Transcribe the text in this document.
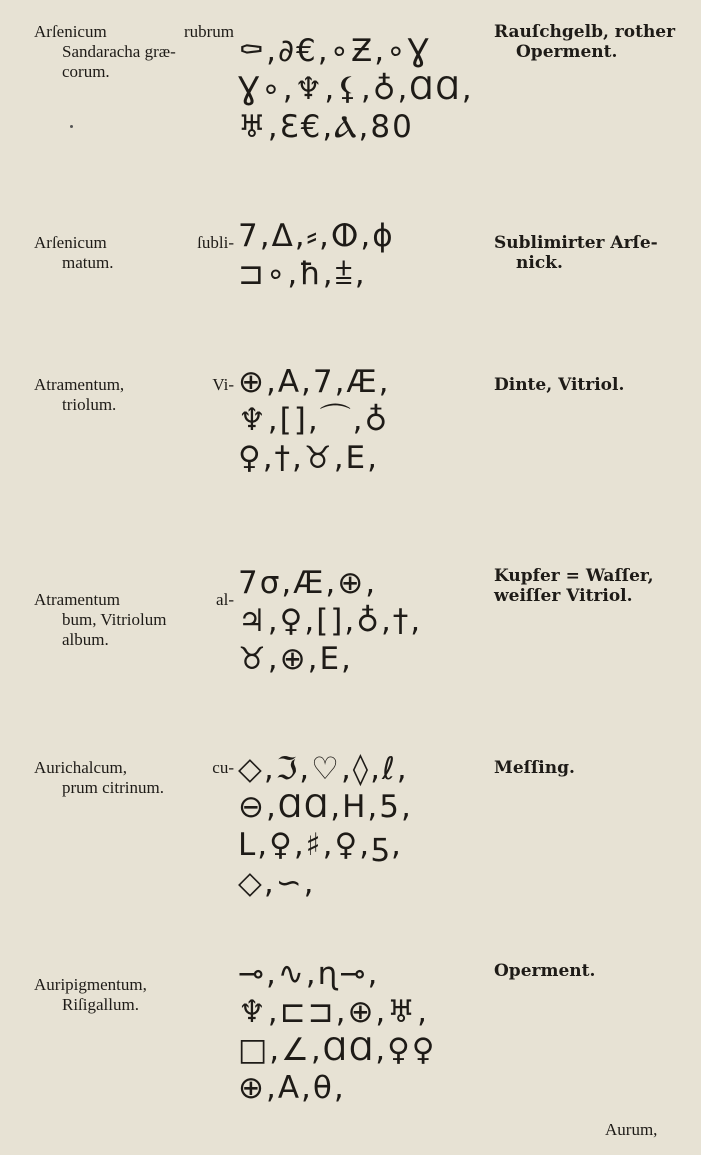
Arſenicum rubrum
Sandaracha græ-
corum.
⚰,∂€,∘Ƶ,∘Ɣ
Ɣ∘,♆,⚸,♁,ⱭⱭ,
♅,Ɛ€,Ⲁ,80
Rauſchgelb, rother

Operment.
Arſenicum ſubli-
matum.
7,Δ,⸗,ⵀ,ϕ
⊐∘,ħ,⩲,
Sublimirter Arſe-

nick.
Atramentum, Vi-
triolum.
⊕,A,7,Æ,
♆,[],⌒,♁
♀,†,♉,E,
Dinte, Vitriol.
Atramentum al-
bum, Vitriolum
album.
7σ,Æ,⊕,
♃,♀,[],♁,†,
♉,⊕,E,
Kupfer = Waſſer,
weiſſer Vitriol.
Aurichalcum, cu-
prum citrinum.
◇,ℑ,♡,◊,ℓ,
⊖,ⱭⱭ,H,5,
L,♀,♯,♀,ƽ,
◇,∽,
Meſſing.
Auripigmentum,
Riſigallum.
⊸,∿,ɳ⊸,
♆,⊏⊐,⊕,♅,
□,∠,ⱭⱭ,♀♀
⊕,A,θ,
Operment.
Aurum,
